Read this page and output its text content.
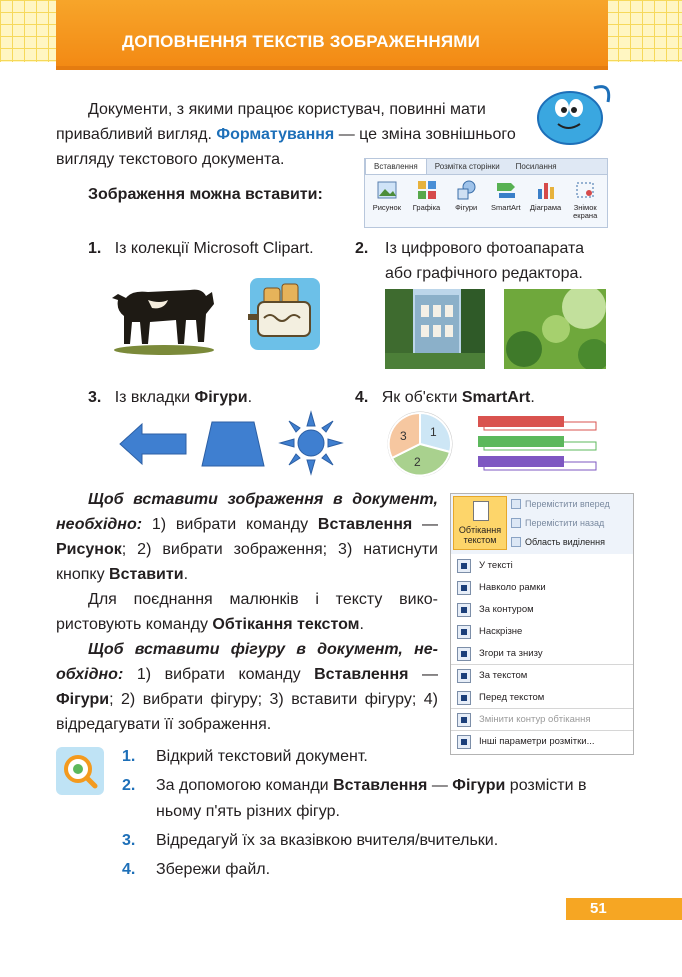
ДОПОВНЕННЯ ТЕКСТІВ ЗОБРАЖЕННЯМИ
Документи, з якими працює користувач, повинні мати привабливий вигляд. Форматування — це зміна зовнішнього вигляду текстового документа.
Зображення можна вставити:
Вставлення	Розмітка сторінки	Посилання
Рисунок Графіка Фігури SmartArt Діаграма	Знімок екрана
1. Із колекції Microsoft Clipart.	2.	Із цифрового фотоапарата або графічного редактора.
3. Із вкладки Фігури.	4. Як об'єкти SmartArt.
1
2
3
Щоб вставити зображення в документ, необхідно: 1) вибрати команду Вставлення — Рисунок; 2) вибрати зображення; 3) натиснути кнопку Вставити.
Для поєднання малюнків і тексту використовують команду Обтікання текстом.
Щоб вставити фігуру в документ, необхідно: 1) вибрати команду Вставлення — Фігури; 2) вибрати фігуру; 3) вставити фігуру; 4) відредагувати її зображення.
Обтікання текстом
Перемістити вперед
Перемістити назад
Область виділення
У тексті
Навколо рамки
За контуром
Наскрізне
Згори та знизу
За текстом
Перед текстом
Змінити контур обтікання
Інші параметри розмітки...
1.	Відкрий текстовий документ.
2.	За допомогою команди Вставлення — Фігури розмісти в ньому п'ять різних фігур.
3.	Відредагуй їх за вказівкою вчителя/вчительки.
4.	Збережи файл.
51
